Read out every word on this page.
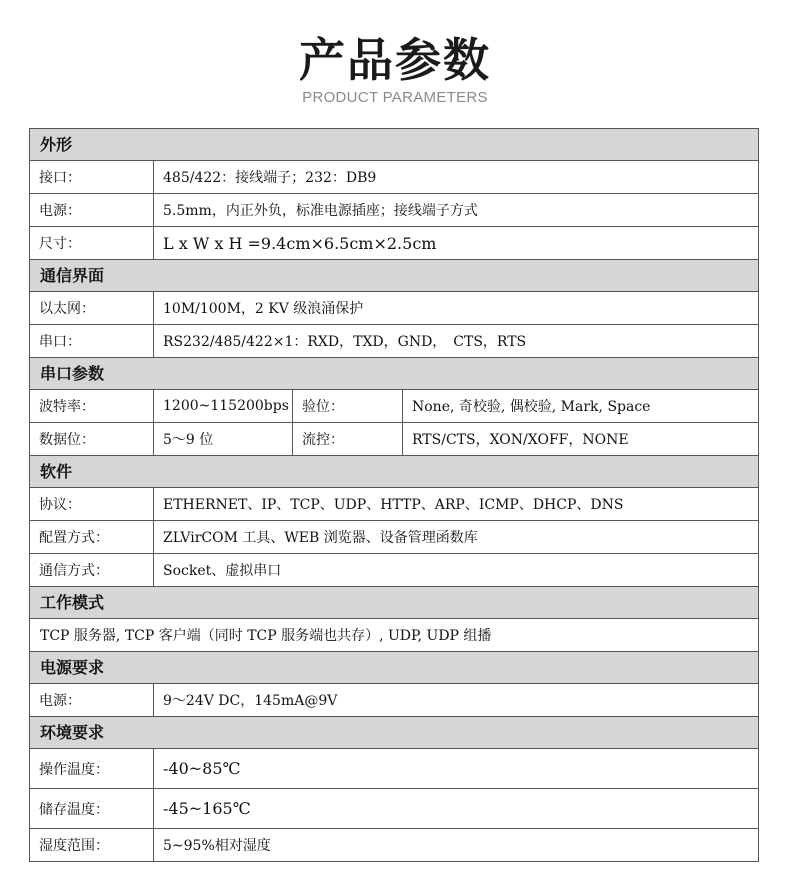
产品参数
PRODUCT PARAMETERS
外形
接口：	485/422：接线端子；232：DB9
电源：	5.5mm，内正外负，标准电源插座；接线端子方式
尺寸：	L x W x H =9.4cm×6.5cm×2.5cm
通信界面
以太网：	10M/100M，2 KV 级浪涌保护
串口：	RS232/485/422×1：RXD，TXD，GND，　CTS，RTS
串口参数
波特率：	1200~115200bps 验位：	None, 奇校验, 偶校验, Mark, Space
数据位：	5～9 位	流控：	RTS/CTS，XON/XOFF，NONE
软件
协议：	ETHERNET、IP、TCP、UDP、HTTP、ARP、ICMP、DHCP、DNS
配置方式：	ZLVirCOM 工具、WEB 浏览器、设备管理函数库
通信方式：	Socket、虚拟串口
工作模式
TCP 服务器, TCP 客户端（同时 TCP 服务端也共存）, UDP, UDP 组播
电源要求
电源：	9～24V DC，145mA@9V
环境要求
操作温度：	-40~85℃
储存温度：	-45~165℃
湿度范围：	5~95%相对湿度
